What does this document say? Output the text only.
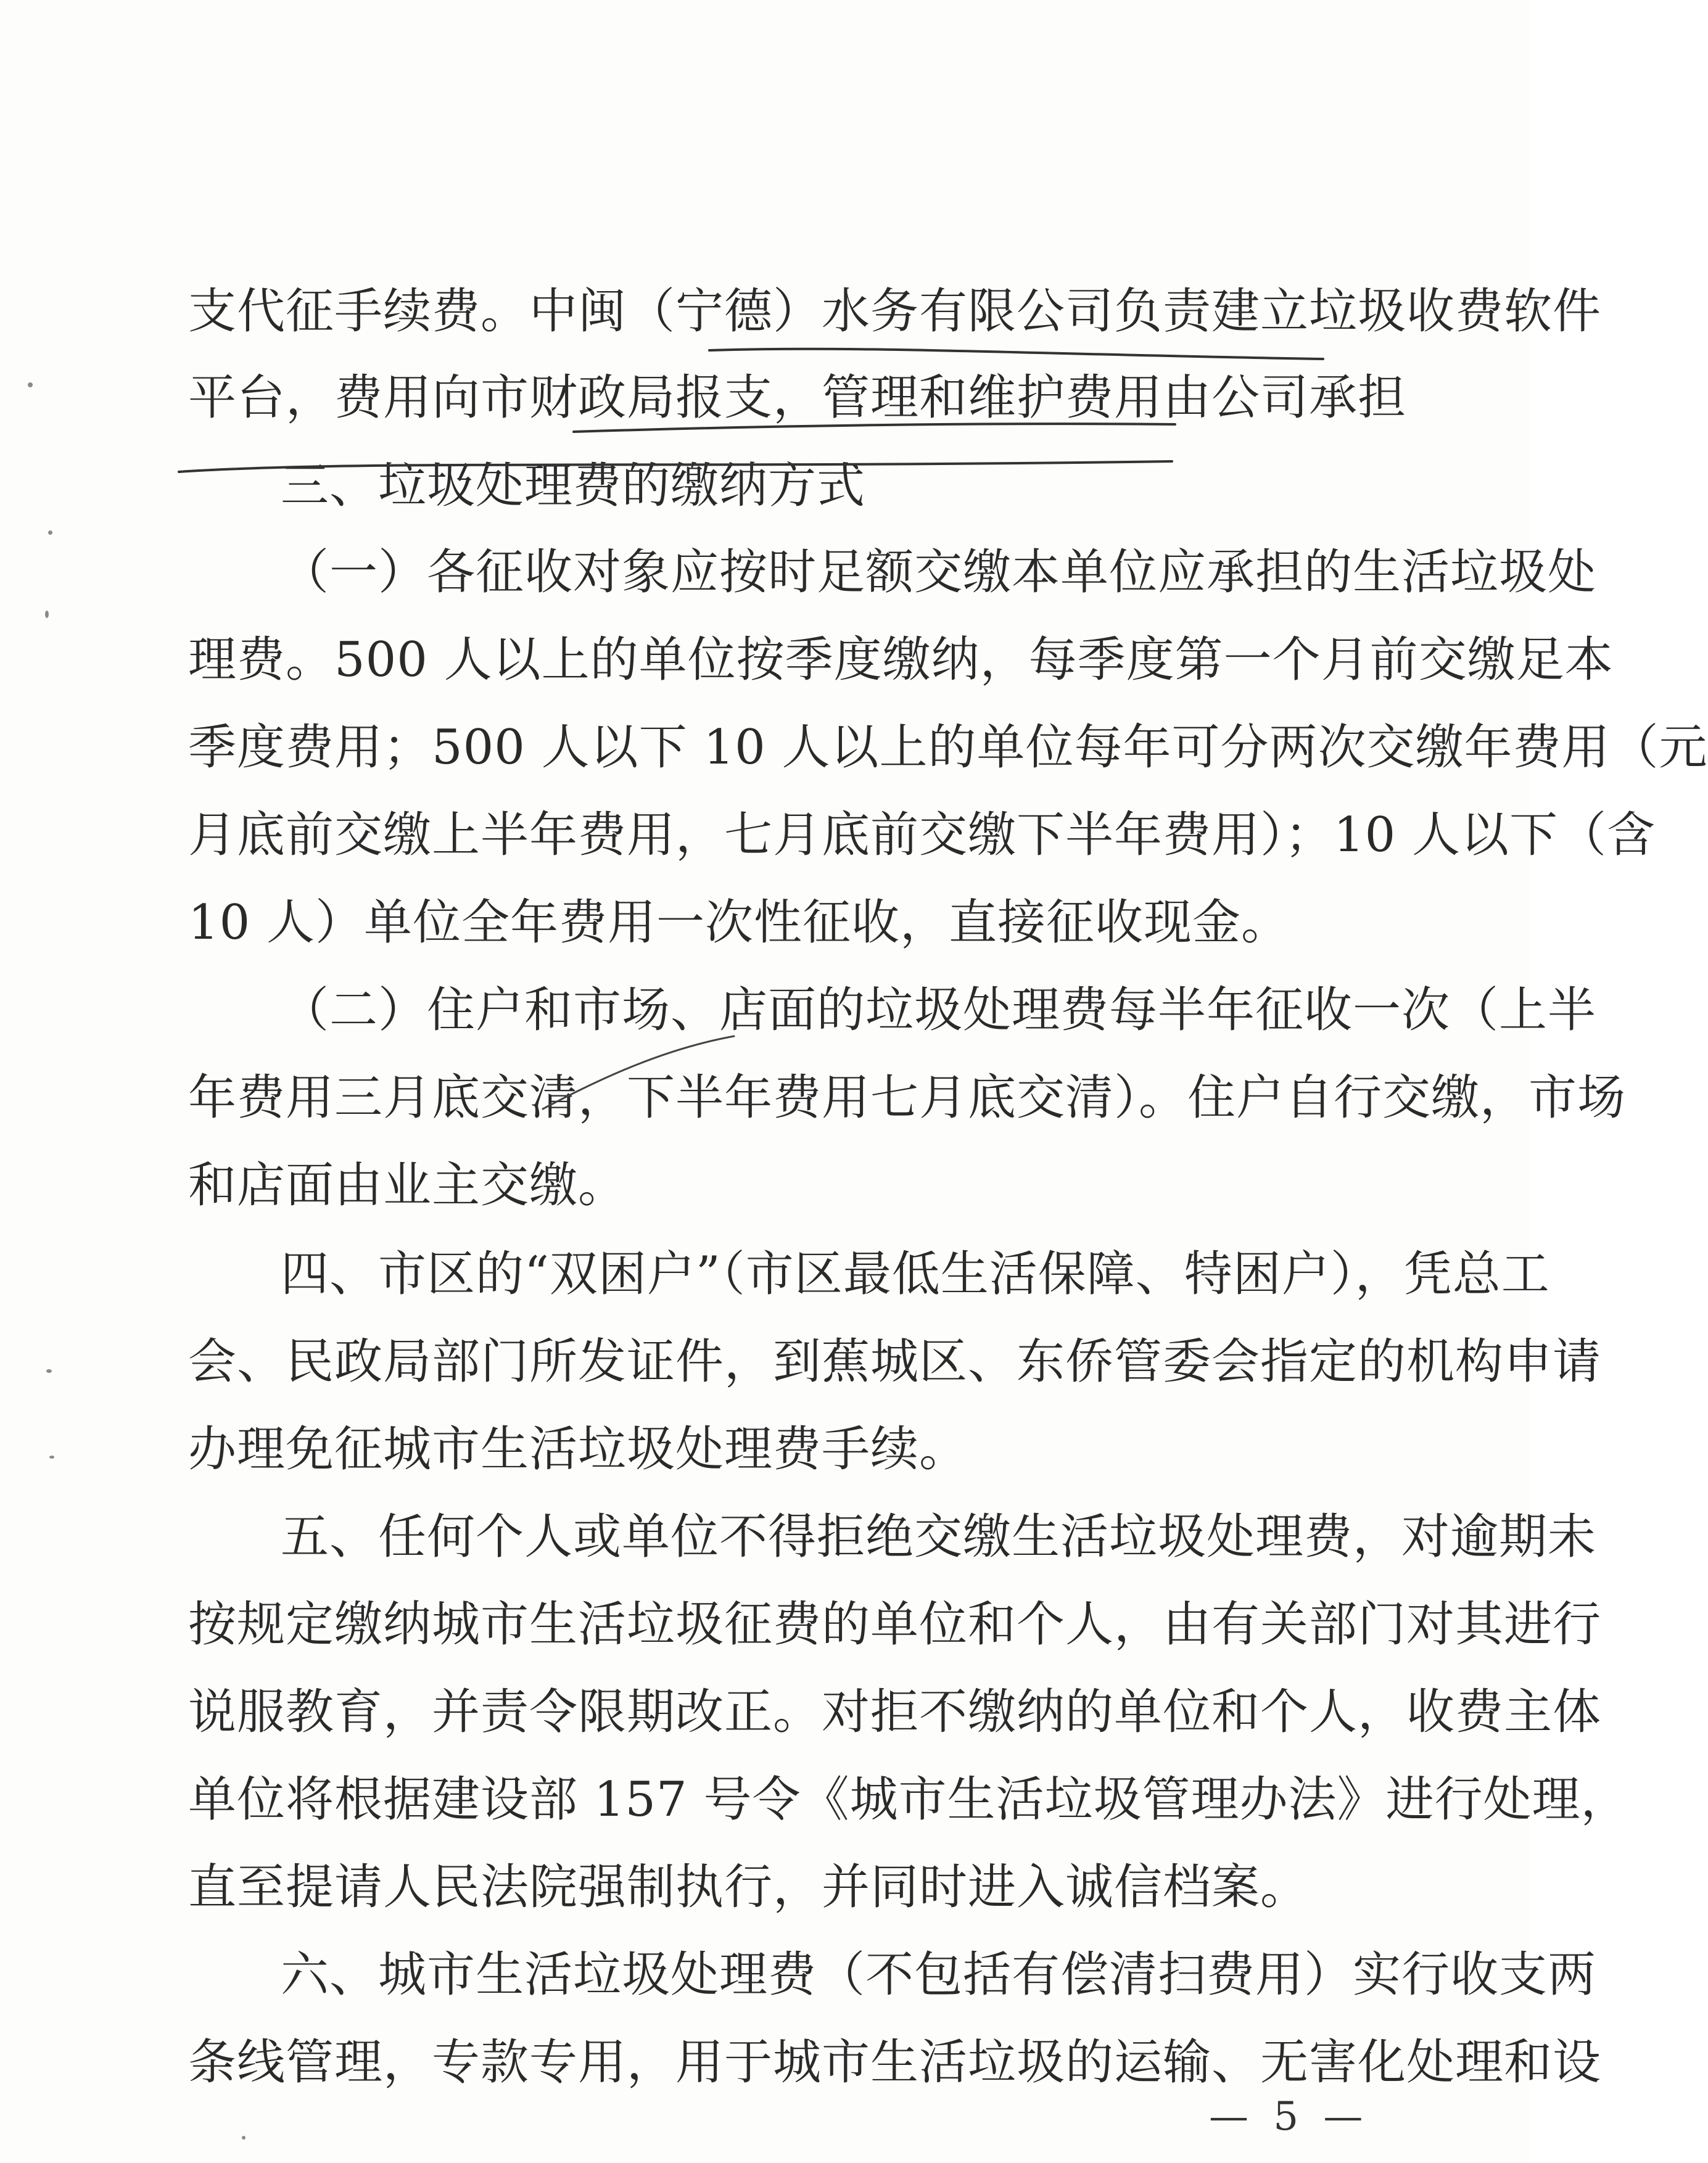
支代征手续费。中闽（宁德）水务有限公司负责建立垃圾收费软件
平台，费用向市财政局报支，管理和维护费用由公司承担
三、垃圾处理费的缴纳方式
（一）各征收对象应按时足额交缴本单位应承担的生活垃圾处
理费。500 人以上的单位按季度缴纳，每季度第一个月前交缴足本
季度费用；500 人以下 10 人以上的单位每年可分两次交缴年费用（元
月底前交缴上半年费用，七月底前交缴下半年费用）；10 人以下（含
10 人）单位全年费用一次性征收，直接征收现金。
（二）住户和市场、店面的垃圾处理费每半年征收一次（上半
年费用三月底交清，下半年费用七月底交清）。住户自行交缴，市场
和店面由业主交缴。
四、市区的“双困户”（市区最低生活保障、特困户），凭总工
会、民政局部门所发证件，到蕉城区、东侨管委会指定的机构申请
办理免征城市生活垃圾处理费手续。
五、任何个人或单位不得拒绝交缴生活垃圾处理费，对逾期未
按规定缴纳城市生活垃圾征费的单位和个人，由有关部门对其进行
说服教育，并责令限期改正。对拒不缴纳的单位和个人，收费主体
单位将根据建设部 157 号令《城市生活垃圾管理办法》进行处理，
直至提请人民法院强制执行，并同时进入诚信档案。
六、城市生活垃圾处理费（不包括有偿清扫费用）实行收支两
条线管理，专款专用，用于城市生活垃圾的运输、无害化处理和设
— 5 —
